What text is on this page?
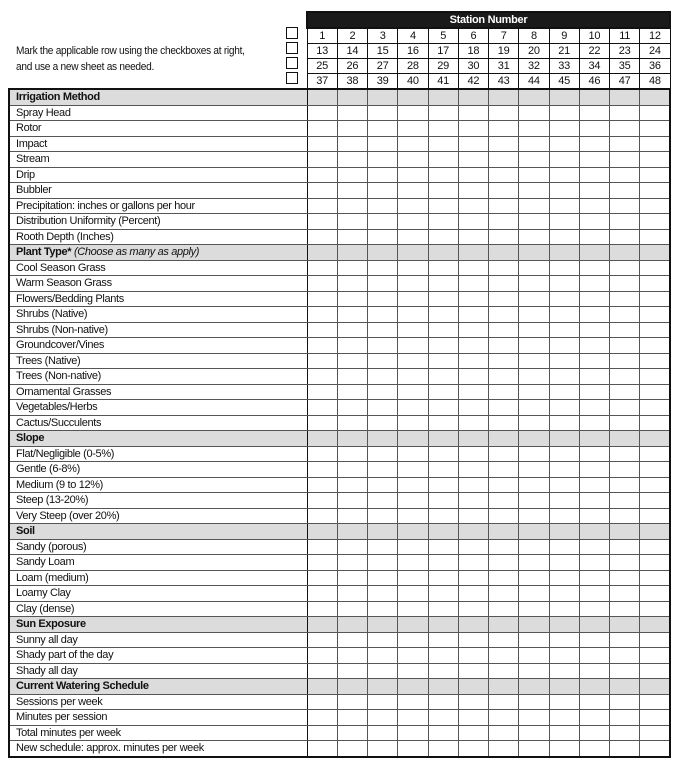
Mark the applicable row using the checkboxes at right, and use a new sheet as needed.
Station Number											
1	2	3	4	5	6	7	8	9	10	11	12
13	14	15	16	17	18	19	20	21	22	23	24
25	26	27	28	29	30	31	32	33	34	35	36
37	38	39	40	41	42	43	44	45	46	47	48
Irrigation Method												
Spray Head												
Rotor												
Impact												
Stream												
Drip												
Bubbler												
Precipitation: inches or gallons per hour												
Distribution Uniformity (Percent)												
Rooth Depth (Inches)												
Plant Type* (Choose as many as apply)												
Cool Season Grass												
Warm Season Grass												
Flowers/Bedding Plants												
Shrubs (Native)												
Shrubs (Non-native)												
Groundcover/Vines												
Trees (Native)												
Trees (Non-native)												
Ornamental Grasses												
Vegetables/Herbs												
Cactus/Succulents												
Slope												
Flat/Negligible (0-5%)												
Gentle (6-8%)												
Medium (9 to 12%)												
Steep (13-20%)												
Very Steep (over 20%)												
Soil												
Sandy (porous)												
Sandy Loam												
Loam (medium)												
Loamy Clay												
Clay (dense)												
Sun Exposure												
Sunny all day												
Shady part of the day												
Shady all day												
Current Watering Schedule												
Sessions per week												
Minutes per session												
Total minutes per week												
New schedule: approx. minutes per week												
